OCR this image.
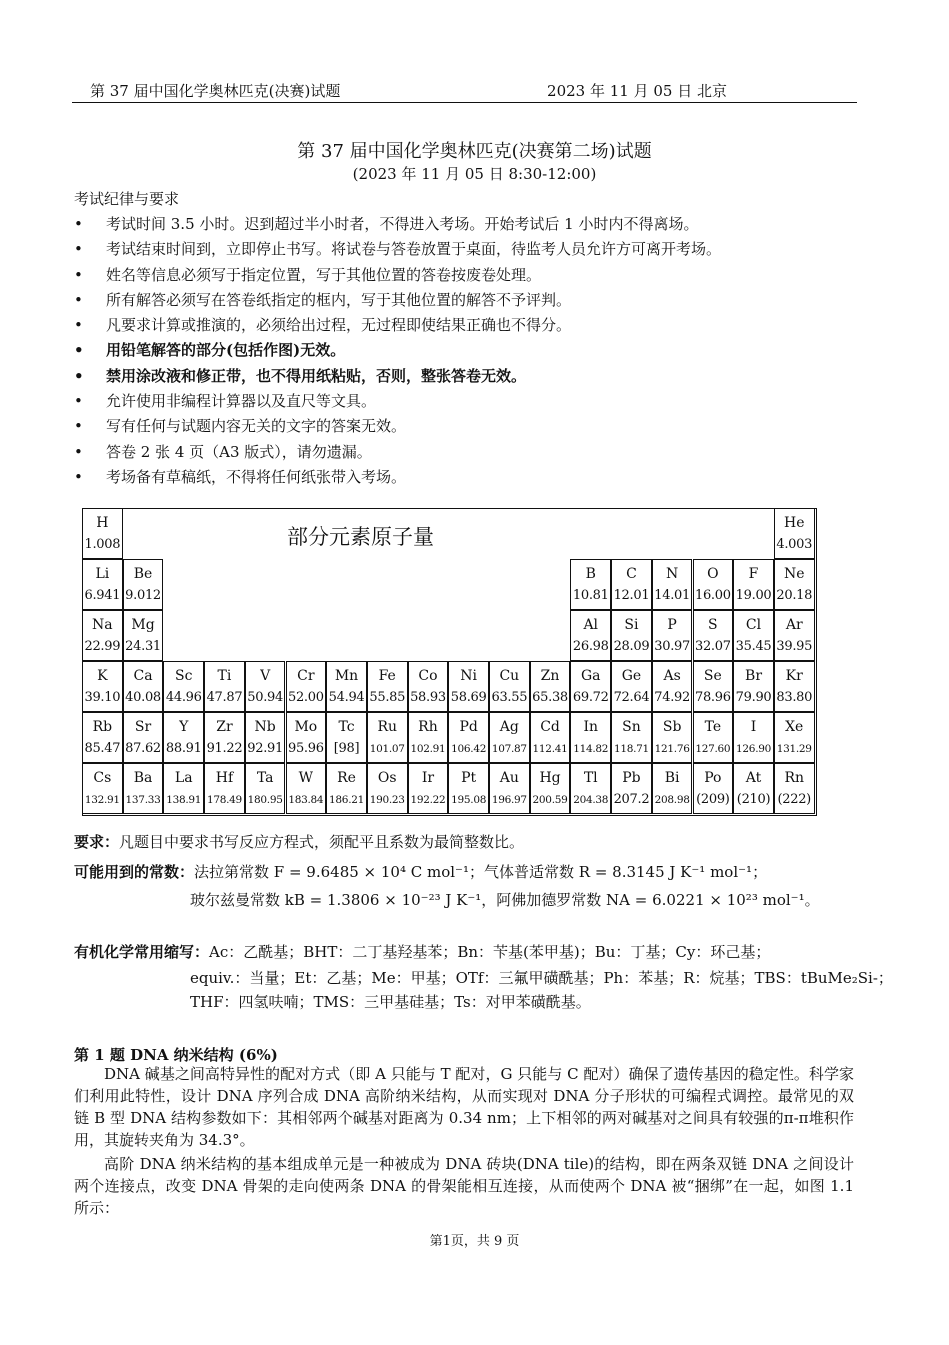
第 37 届中国化学奥林匹克(决赛)试题	2023 年 11 月 05 日 北京
第 37 届中国化学奥林匹克(决赛第二场)试题
(2023 年 11 月 05 日 8:30-12:00)
考试纪律与要求
• 考试时间 3.5 小时。迟到超过半小时者，不得进入考场。开始考试后 1 小时内不得离场。
• 考试结束时间到，立即停止书写。将试卷与答卷放置于桌面，待监考人员允许方可离开考场。
• 姓名等信息必须写于指定位置，写于其他位置的答卷按废卷处理。
• 所有解答必须写在答卷纸指定的框内，写于其他位置的解答不予评判。
• 凡要求计算或推演的，必须给出过程，无过程即使结果正确也不得分。
• 用铅笔解答的部分(包括作图)无效。
• 禁用涂改液和修正带，也不得用纸粘贴，否则，整张答卷无效。
• 允许使用非编程计算器以及直尺等文具。
• 写有任何与试题内容无关的文字的答案无效。
• 答卷 2 张 4 页（A3 版式），请勿遗漏。
• 考场备有草稿纸，不得将任何纸张带入考场。
部分元素原子量
H
1.008
He
4.003
Li
6.941
Be
9.012
B
10.81
C
12.01
N
14.01
O
16.00
F
19.00
Ne
20.18
Na
22.99
Mg
24.31
Al
26.98
Si
28.09
P
30.97
S
32.07
Cl
35.45
Ar
39.95
K
39.10
Ca
40.08
Sc
44.96
Ti
47.87
V
50.94
Cr
52.00
Mn
54.94
Fe
55.85
Co
58.93
Ni
58.69
Cu
63.55
Zn
65.38
Ga
69.72
Ge
72.64
As
74.92
Se
78.96
Br
79.90
Kr
83.80
Rb
85.47
Sr
87.62
Y
88.91
Zr
91.22
Nb
92.91
Mo
95.96
Tc
[98]
Ru
101.07
Rh
102.91
Pd
106.42
Ag
107.87
Cd
112.41
In
114.82
Sn
118.71
Sb
121.76
Te
127.60
I
126.90
Xe
131.29
Cs
132.91
Ba
137.33
La
138.91
Hf
178.49
Ta
180.95
W
183.84
Re
186.21
Os
190.23
Ir
192.22
Pt
195.08
Au
196.97
Hg
200.59
Tl
204.38
Pb
207.2
Bi
208.98
Po
(209)
At
(210)
Rn
(222)
要求：凡题目中要求书写反应方程式，须配平且系数为最简整数比。
可能用到的常数：法拉第常数 F = 9.6485 × 10⁴ C mol⁻¹；气体普适常数 R = 8.3145 J K⁻¹ mol⁻¹；
玻尔兹曼常数 kB = 1.3806 × 10⁻²³ J K⁻¹，阿佛加德罗常数 NA = 6.0221 × 10²³ mol⁻¹。
有机化学常用缩写：Ac：乙酰基；BHT：二丁基羟基苯；Bn：苄基(苯甲基)；Bu：丁基；Cy：环己基；
equiv.：当量；Et：乙基；Me：甲基；OTf：三氟甲磺酰基；Ph：苯基；R：烷基；TBS：tBuMe₂Si-；
THF：四氢呋喃；TMS：三甲基硅基；Ts：对甲苯磺酰基。
第 1 题 DNA 纳米结构 (6%)

DNA 碱基之间高特异性的配对方式（即 A 只能与 T 配对，G 只能与 C 配对）确保了遗传基因的稳定性。科学家们利用此特性，设计 DNA 序列合成 DNA 高阶纳米结构，从而实现对 DNA 分子形状的可编程式调控。最常见的双链 B 型 DNA 结构参数如下：其相邻两个碱基对距离为 0.34 nm；上下相邻的两对碱基对之间具有较强的π-π堆积作用，其旋转夹角为 34.3°。

高阶 DNA 纳米结构的基本组成单元是一种被成为 DNA 砖块(DNA tile)的结构，即在两条双链 DNA 之间设计两个连接点，改变 DNA 骨架的走向使两条 DNA 的骨架能相互连接，从而使两个 DNA 被“捆绑”在一起，如图 1.1 所示：

第1页，共 9 页
